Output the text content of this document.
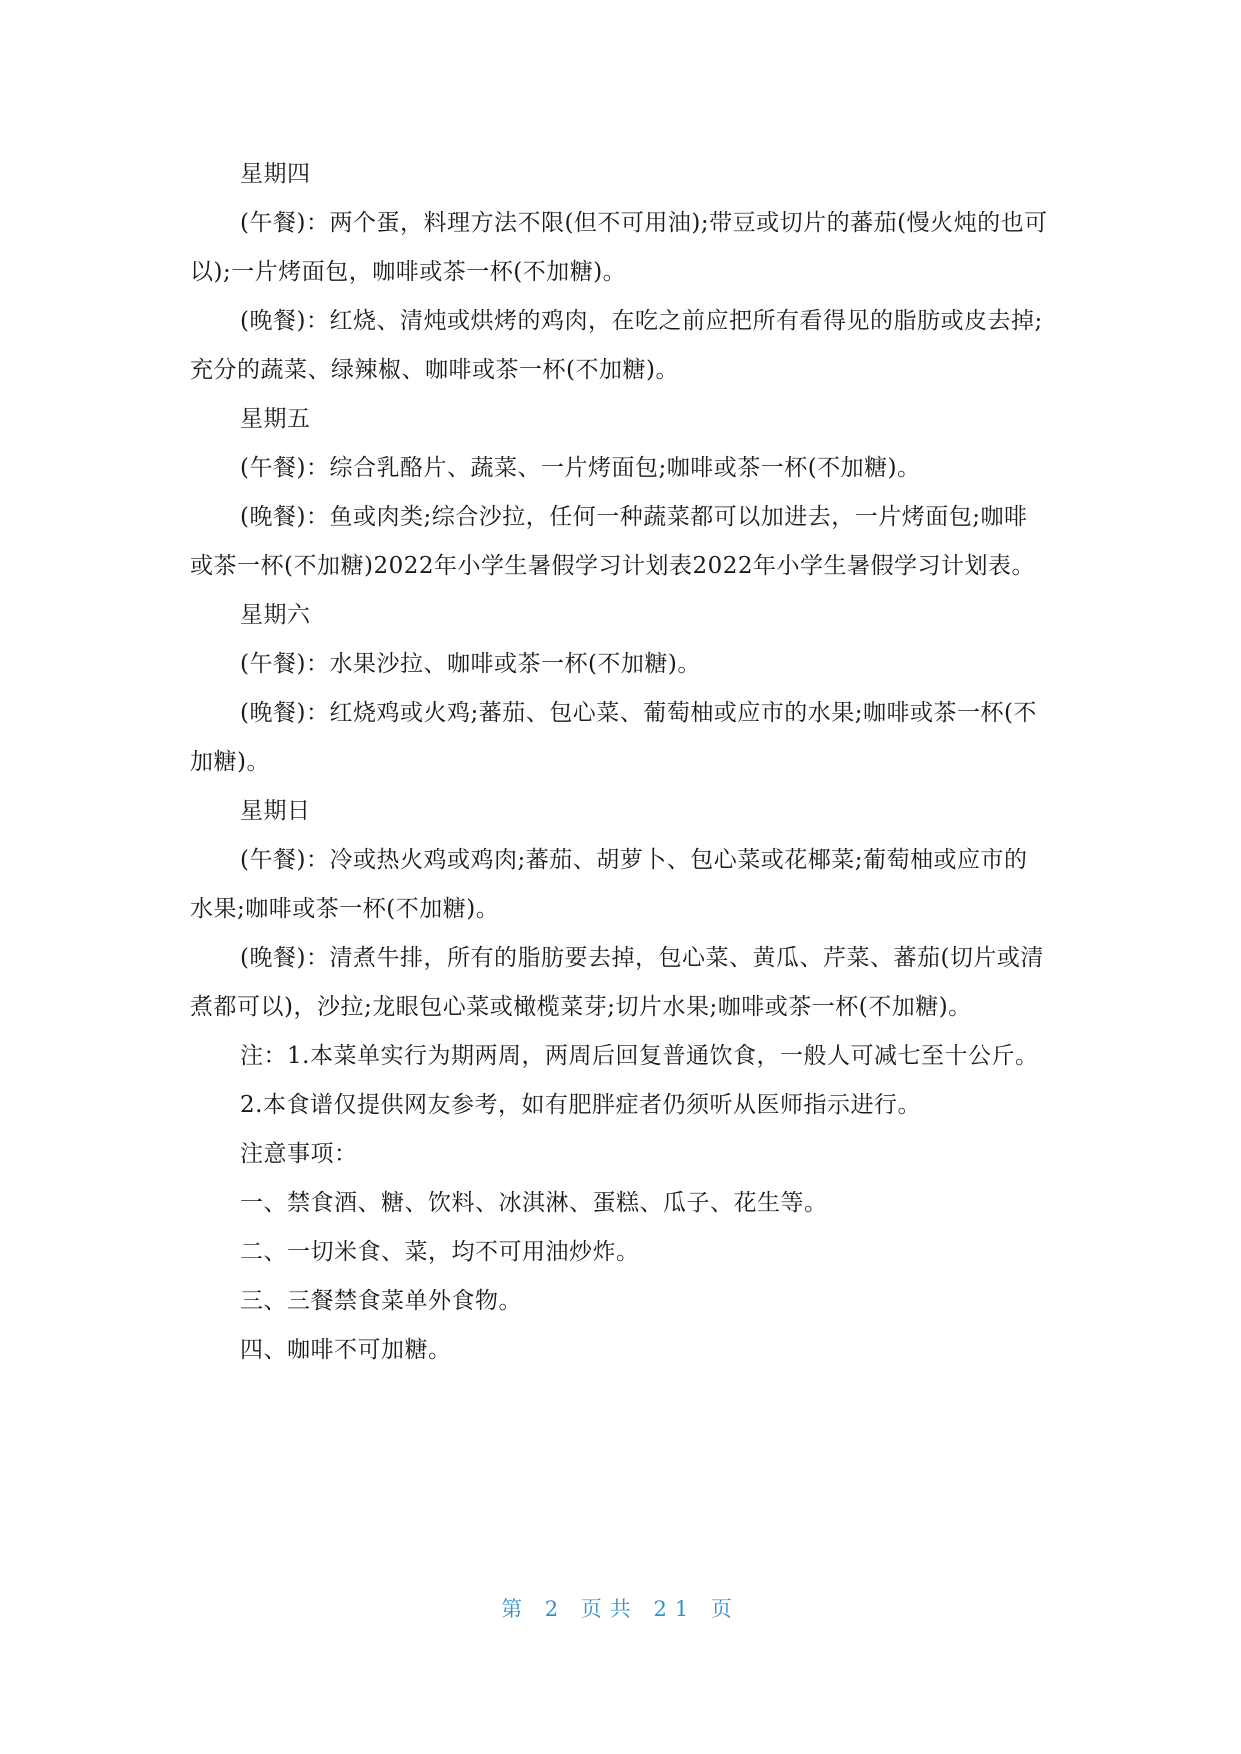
星期四

(午餐)：两个蛋，料理方法不限(但不可用油);带豆或切片的蕃茄(慢火炖的也可以);一片烤面包，咖啡或茶一杯(不加糖)。

(晚餐)：红烧、清炖或烘烤的鸡肉，在吃之前应把所有看得见的脂肪或皮去掉;充分的蔬菜、绿辣椒、咖啡或茶一杯(不加糖)。

星期五

(午餐)：综合乳酪片、蔬菜、一片烤面包;咖啡或茶一杯(不加糖)。

(晚餐)：鱼或肉类;综合沙拉，任何一种蔬菜都可以加进去，一片烤面包;咖啡或茶一杯(不加糖)2022年小学生暑假学习计划表2022年小学生暑假学习计划表。

星期六

(午餐)：水果沙拉、咖啡或茶一杯(不加糖)。

(晚餐)：红烧鸡或火鸡;蕃茄、包心菜、葡萄柚或应市的水果;咖啡或茶一杯(不加糖)。

星期日

(午餐)：冷或热火鸡或鸡肉;蕃茄、胡萝卜、包心菜或花椰菜;葡萄柚或应市的水果;咖啡或茶一杯(不加糖)。

(晚餐)：清煮牛排，所有的脂肪要去掉，包心菜、黄瓜、芹菜、蕃茄(切片或清煮都可以)，沙拉;龙眼包心菜或橄榄菜芽;切片水果;咖啡或茶一杯(不加糖)。

注：1.本菜单实行为期两周，两周后回复普通饮食，一般人可减七至十公斤。

2.本食谱仅提供网友参考，如有肥胖症者仍须听从医师指示进行。

注意事项：

一、禁食酒、糖、饮料、冰淇淋、蛋糕、瓜子、花生等。

二、一切米食、菜，均不可用油炒炸。

三、三餐禁食菜单外食物。

四、咖啡不可加糖。

第 2 页共 21 页
